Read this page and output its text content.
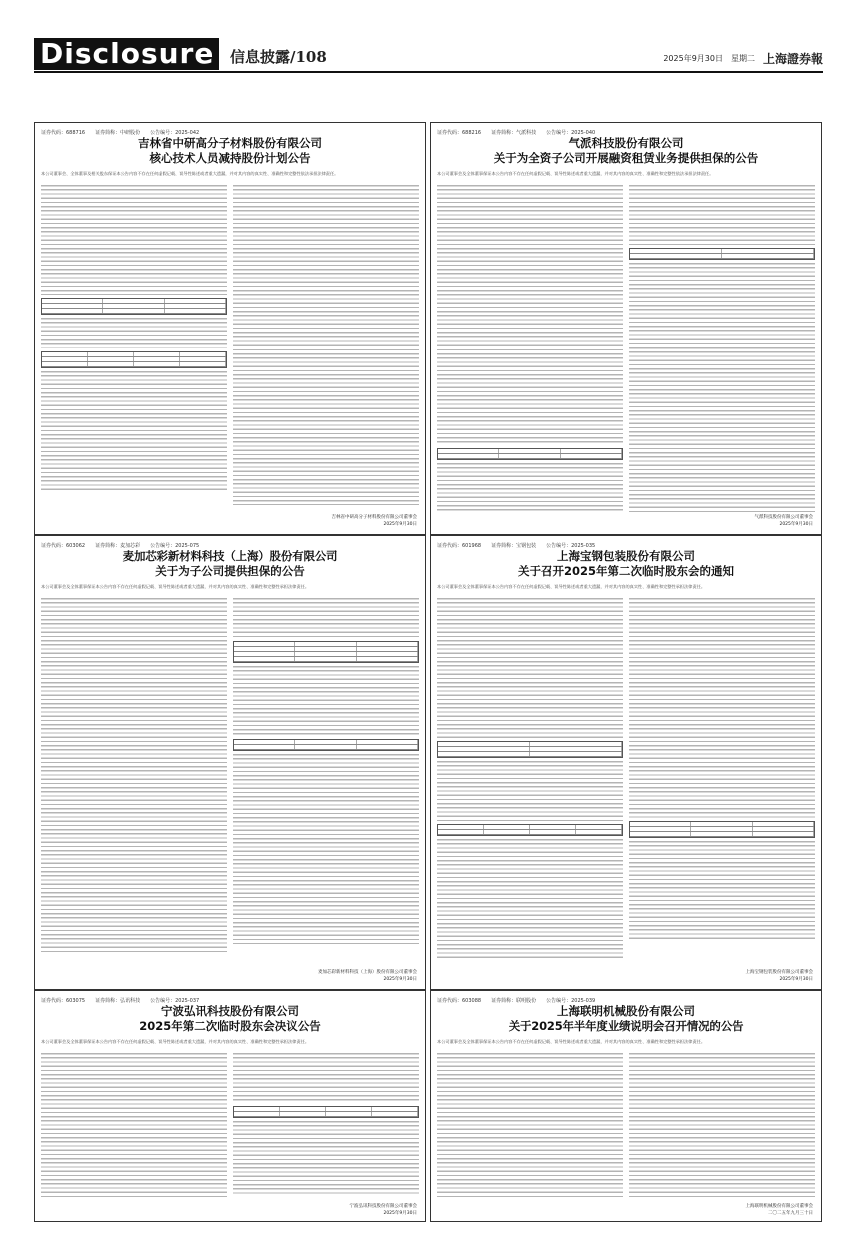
Disclosure	信息披露/108	2025年9月30日 星期二 上海證券報
证券代码：688716 证券简称：中研股份 公告编号：2025-042
吉林省中研高分子材料股份有限公司
核心技术人员减持股份计划公告
本公司董事会、全体董事及相关股东保证本公告内容不存在任何虚假记载、误导性陈述或者重大遗漏，并对其内容的真实性、准确性和完整性依法承担法律责任。
吉林省中研高分子材料股份有限公司董事会
2025年9月30日
证券代码：688216 证券简称：气派科技 公告编号：2025-040
气派科技股份有限公司
关于为全资子公司开展融资租赁业务提供担保的公告
本公司董事会及全体董事保证本公告内容不存在任何虚假记载、误导性陈述或者重大遗漏，并对其内容的真实性、准确性和完整性依法承担法律责任。
气派科技股份有限公司董事会
2025年9月30日
证券代码：603062 证券简称：麦加芯彩 公告编号：2025-075
麦加芯彩新材料科技（上海）股份有限公司
关于为子公司提供担保的公告
本公司董事会及全体董事保证本公告内容不存在任何虚假记载、误导性陈述或者重大遗漏，并对其内容的真实性、准确性和完整性承担法律责任。
麦加芯彩新材料科技（上海）股份有限公司董事会
2025年9月30日
证券代码：601968 证券简称：宝钢包装 公告编号：2025-035
上海宝钢包装股份有限公司
关于召开2025年第二次临时股东会的通知
本公司董事会及全体董事保证本公告内容不存在任何虚假记载、误导性陈述或者重大遗漏，并对其内容的真实性、准确性和完整性承担法律责任。
上海宝钢包装股份有限公司董事会
2025年9月30日
证券代码：603075 证券简称：弘讯科技 公告编号：2025-037
宁波弘讯科技股份有限公司
2025年第二次临时股东会决议公告
本公司董事会及全体董事保证本公告内容不存在任何虚假记载、误导性陈述或者重大遗漏，并对其内容的真实性、准确性和完整性承担法律责任。
宁波弘讯科技股份有限公司董事会
2025年9月30日
证券代码：603088 证券简称：联明股份 公告编号：2025-039
上海联明机械股份有限公司
关于2025年半年度业绩说明会召开情况的公告
本公司董事会及全体董事保证本公告内容不存在任何虚假记载、误导性陈述或者重大遗漏，并对其内容的真实性、准确性和完整性承担法律责任。
上海联明机械股份有限公司董事会
二〇二五年九月三十日
